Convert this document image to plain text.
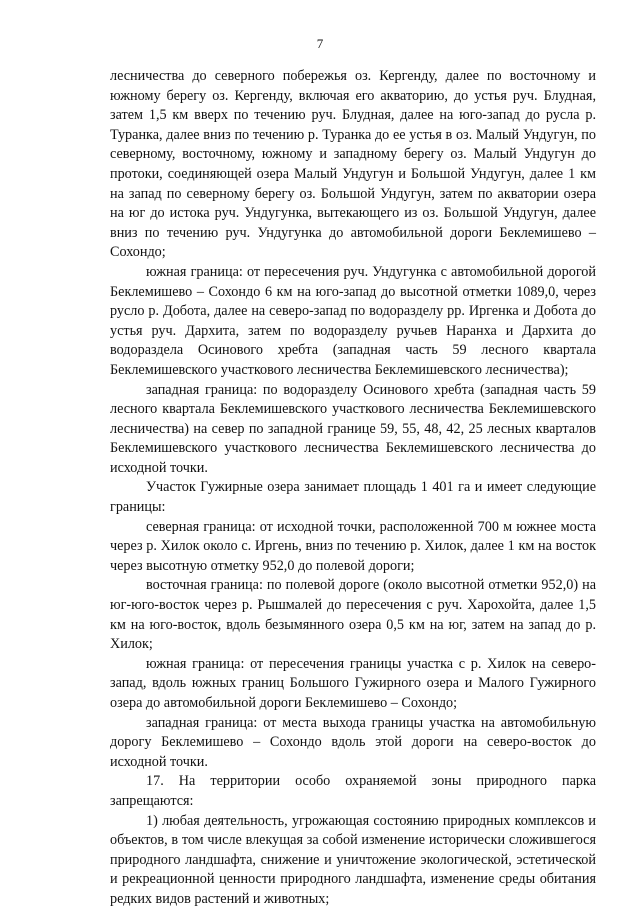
7

лесничества до северного побережья оз. Кергенду, далее по восточному и южному берегу оз. Кергенду, включая его акваторию, до устья руч. Блудная, затем 1,5 км вверх по течению руч. Блудная, далее на юго-запад до русла р. Туранка, далее вниз по течению р. Туранка до ее устья в оз. Малый Ундугун, по северному, восточному, южному и западному берегу оз. Малый Ундугун до протоки, соединяющей озера Малый Ундугун и Большой Ундугун, далее 1 км на запад по северному берегу оз. Большой Ундугун, затем по акватории озера на юг до истока руч. Ундугунка, вытекающего из оз. Большой Ундугун, далее вниз по течению руч. Ундугунка до автомобильной дороги Беклемишево – Сохондо;

южная граница: от пересечения руч. Ундугунка с автомобильной дорогой Беклемишево – Сохондо 6 км на юго-запад до высотной отметки 1089,0, через русло р. Добота, далее на северо-запад по водоразделу рр. Иргенка и Добота до устья руч. Дархита, затем по водоразделу ручьев Наранха и Дархита до водораздела Осинового хребта (западная часть 59 лесного квартала Беклемишевского участкового лесничества Беклемишевского лесничества);

западная граница: по водоразделу Осинового хребта (западная часть 59 лесного квартала Беклемишевского участкового лесничества Беклемишевского лесничества) на север по западной границе 59, 55, 48, 42, 25 лесных кварталов Беклемишевского участкового лесничества Беклемишевского лесничества до исходной точки.

Участок Гужирные озера занимает площадь 1 401 га и имеет следующие границы:

северная граница: от исходной точки, расположенной 700 м южнее моста через р. Хилок около с. Иргень, вниз по течению р. Хилок, далее 1 км на восток через высотную отметку 952,0 до полевой дороги;

восточная граница: по полевой дороге (около высотной отметки 952,0) на юг-юго-восток через р. Рышмалей до пересечения с руч. Харохойта, далее 1,5 км на юго-восток, вдоль безымянного озера 0,5 км на юг, затем на запад до р. Хилок;

южная граница: от пересечения границы участка с р. Хилок на северо-запад, вдоль южных границ Большого Гужирного озера и Малого Гужирного озера до автомобильной дороги Беклемишево – Сохондо;

западная граница: от места выхода границы участка на автомобильную дорогу Беклемишево – Сохондо вдоль этой дороги на северо-восток до исходной точки.

17. На территории особо охраняемой зоны природного парка запрещаются:

1) любая деятельность, угрожающая состоянию природных комплексов и объектов, в том числе влекущая за собой изменение исторически сложившегося природного ландшафта, снижение и уничтожение экологической, эстетической и рекреационной ценности природного ландшафта, изменение среды обитания редких видов растений и животных;
